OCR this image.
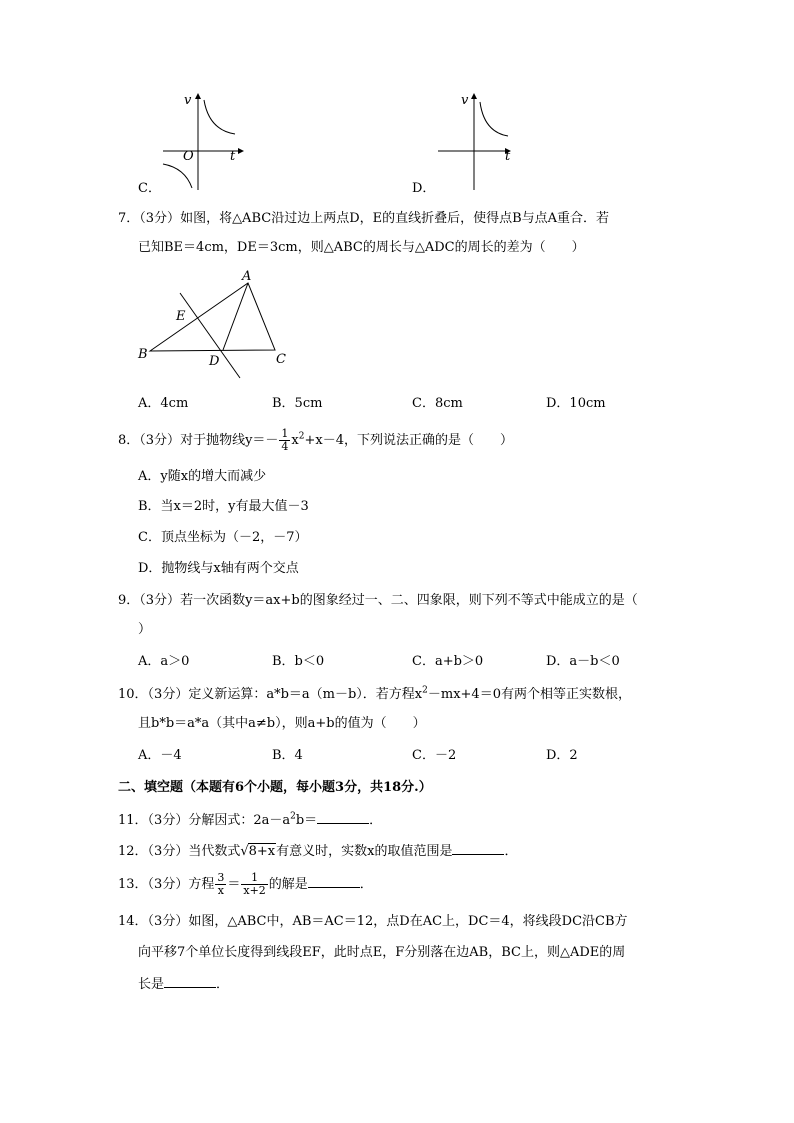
v
t
O
C．
v
t
D．
7．（3分）如图，将△ABC沿过边上两点D，E的直线折叠后，使得点B与点A重合．若
已知BE＝4cm，DE＝3cm，则△ABC的周长与△ADC的周长的差为（　　）
A
B	C
D
E
A．4cm	B．5cm	C．8cm	D．10cm
8．（3分）对于抛物线$y=- \frac{1}{4} x^2+x-4$，下列说法正确的是（　　）
A．y随x的增大而减少
B．当x＝2时，y有最大值－3
C．顶点坐标为（－2，－7）
D．抛物线与x轴有两个交点
9．（3分）若一次函数y＝ax+b的图象经过一、二、四象限，则下列不等式中能成立的是（
）
A．a＞0	B．b＜0	C．a+b＞0	D．a－b＜0
10．（3分）定义新运算：a*b＝a（m－b）．若方程$x^2-mx+4=0$有两个相等正实数根，
且b*b＝a*a（其中a≠b），则a+b的值为（　　）
A．－4	B．4	C．－2	D．2
二、填空题（本题有6个小题，每小题3分，共18分.）
11．（3分）分解因式：$2a-a^2b=$	．
12．（3分）当代数式√8+x有意义时，实数x的取值范围是	．
13．（3分）方程 $\frac{3}{x} = \frac{1}{x+2}$ 的解是	．
14．（3分）如图，△ABC中，AB＝AC＝12，点D在AC上，DC＝4，将线段DC沿CB方
向平移7个单位长度得到线段EF，此时点E，F分别落在边AB，BC上，则△ADE的周
长是	．
